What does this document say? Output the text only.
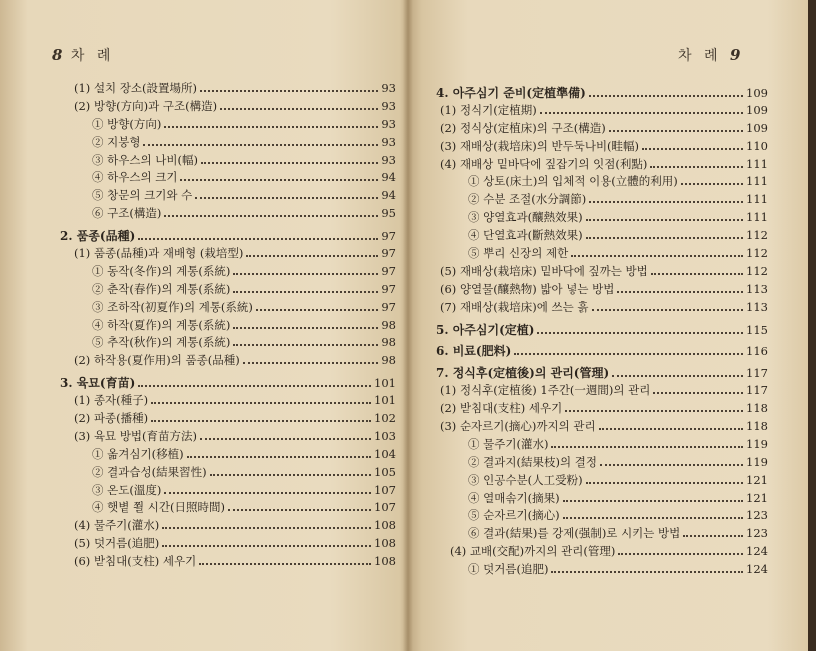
8 차 례
(1) 설치 장소(設置場所)	93
(2) 방향(方向)과 구조(構造)	93
① 방향(方向)	93
② 지붕형	93
③ 하우스의 나비(幅)	93
④ 하우스의 크기	94
⑤ 창문의 크기와 수	94
⑥ 구조(構造)	95
2. 품종(品種)	97
(1) 품종(品種)과 재배형 (栽培型)	97
① 동작(冬作)의 계통(系統)	97
② 춘작(春作)의 계통(系統)	97
③ 조하작(初夏作)의 계통(系統)	97
④ 하작(夏作)의 계통(系統)	98
⑤ 추작(秋作)의 계통(系統)	98
(2) 하작용(夏作用)의 품종(品種)	98
3. 육묘(育苗)	101
(1) 종자(種子)	101
(2) 파종(播種)	102
(3) 육묘 방법(育苗方法)	103
① 옮겨심기(移植)	104
② 결과습성(結果習性)	105
③ 온도(溫度)	107
④ 햇볕 쬘 시간(日照時間)	107
(4) 물주기(灌水)	108
(5) 덧거름(追肥)	108
(6) 받침대(支柱) 세우기	108
차 례 9
4. 아주심기 준비(定植準備)	109
(1) 정식기(定植期)	109
(2) 정식상(定植床)의 구조(構造)	109
(3) 재배상(栽培床)의 반두둑나비(畦幅)	110
(4) 재배상 밑바닥에 짚잡기의 잇점(利點)	111
① 상토(床土)의 입체적 이용(立體的利用)	111
② 수분 조절(水分調節)	111
③ 양열효과(釀熱效果)	111
④ 단열효과(斷熱效果)	112
⑤ 뿌리 신장의 제한	112
(5) 재배상(栽培床) 밑바닥에 짚까는 방법	112
(6) 양열물(釀熱物) 밟아 넣는 방법	113
(7) 재배상(栽培床)에 쓰는 흙	113
5. 아주심기(定植)	115
6. 비료(肥料)	116
7. 정식후(定植後)의 관리(管理)	117
(1) 정식후(定植後) 1주간(一週間)의 관리	117
(2) 받침대(支柱) 세우기	118
(3) 순자르기(摘心)까지의 관리	118
① 물주기(灌水)	119
② 결과지(結果枝)의 결정	119
③ 인공수분(人工受粉)	121
④ 열매솎기(摘果)	121
⑤ 순자르기(摘心)	123
⑥ 결과(結果)를 강제(强制)로 시키는 방법	123
(4) 교배(交配)까지의 관리(管理)	124
① 덧거름(追肥)	124
